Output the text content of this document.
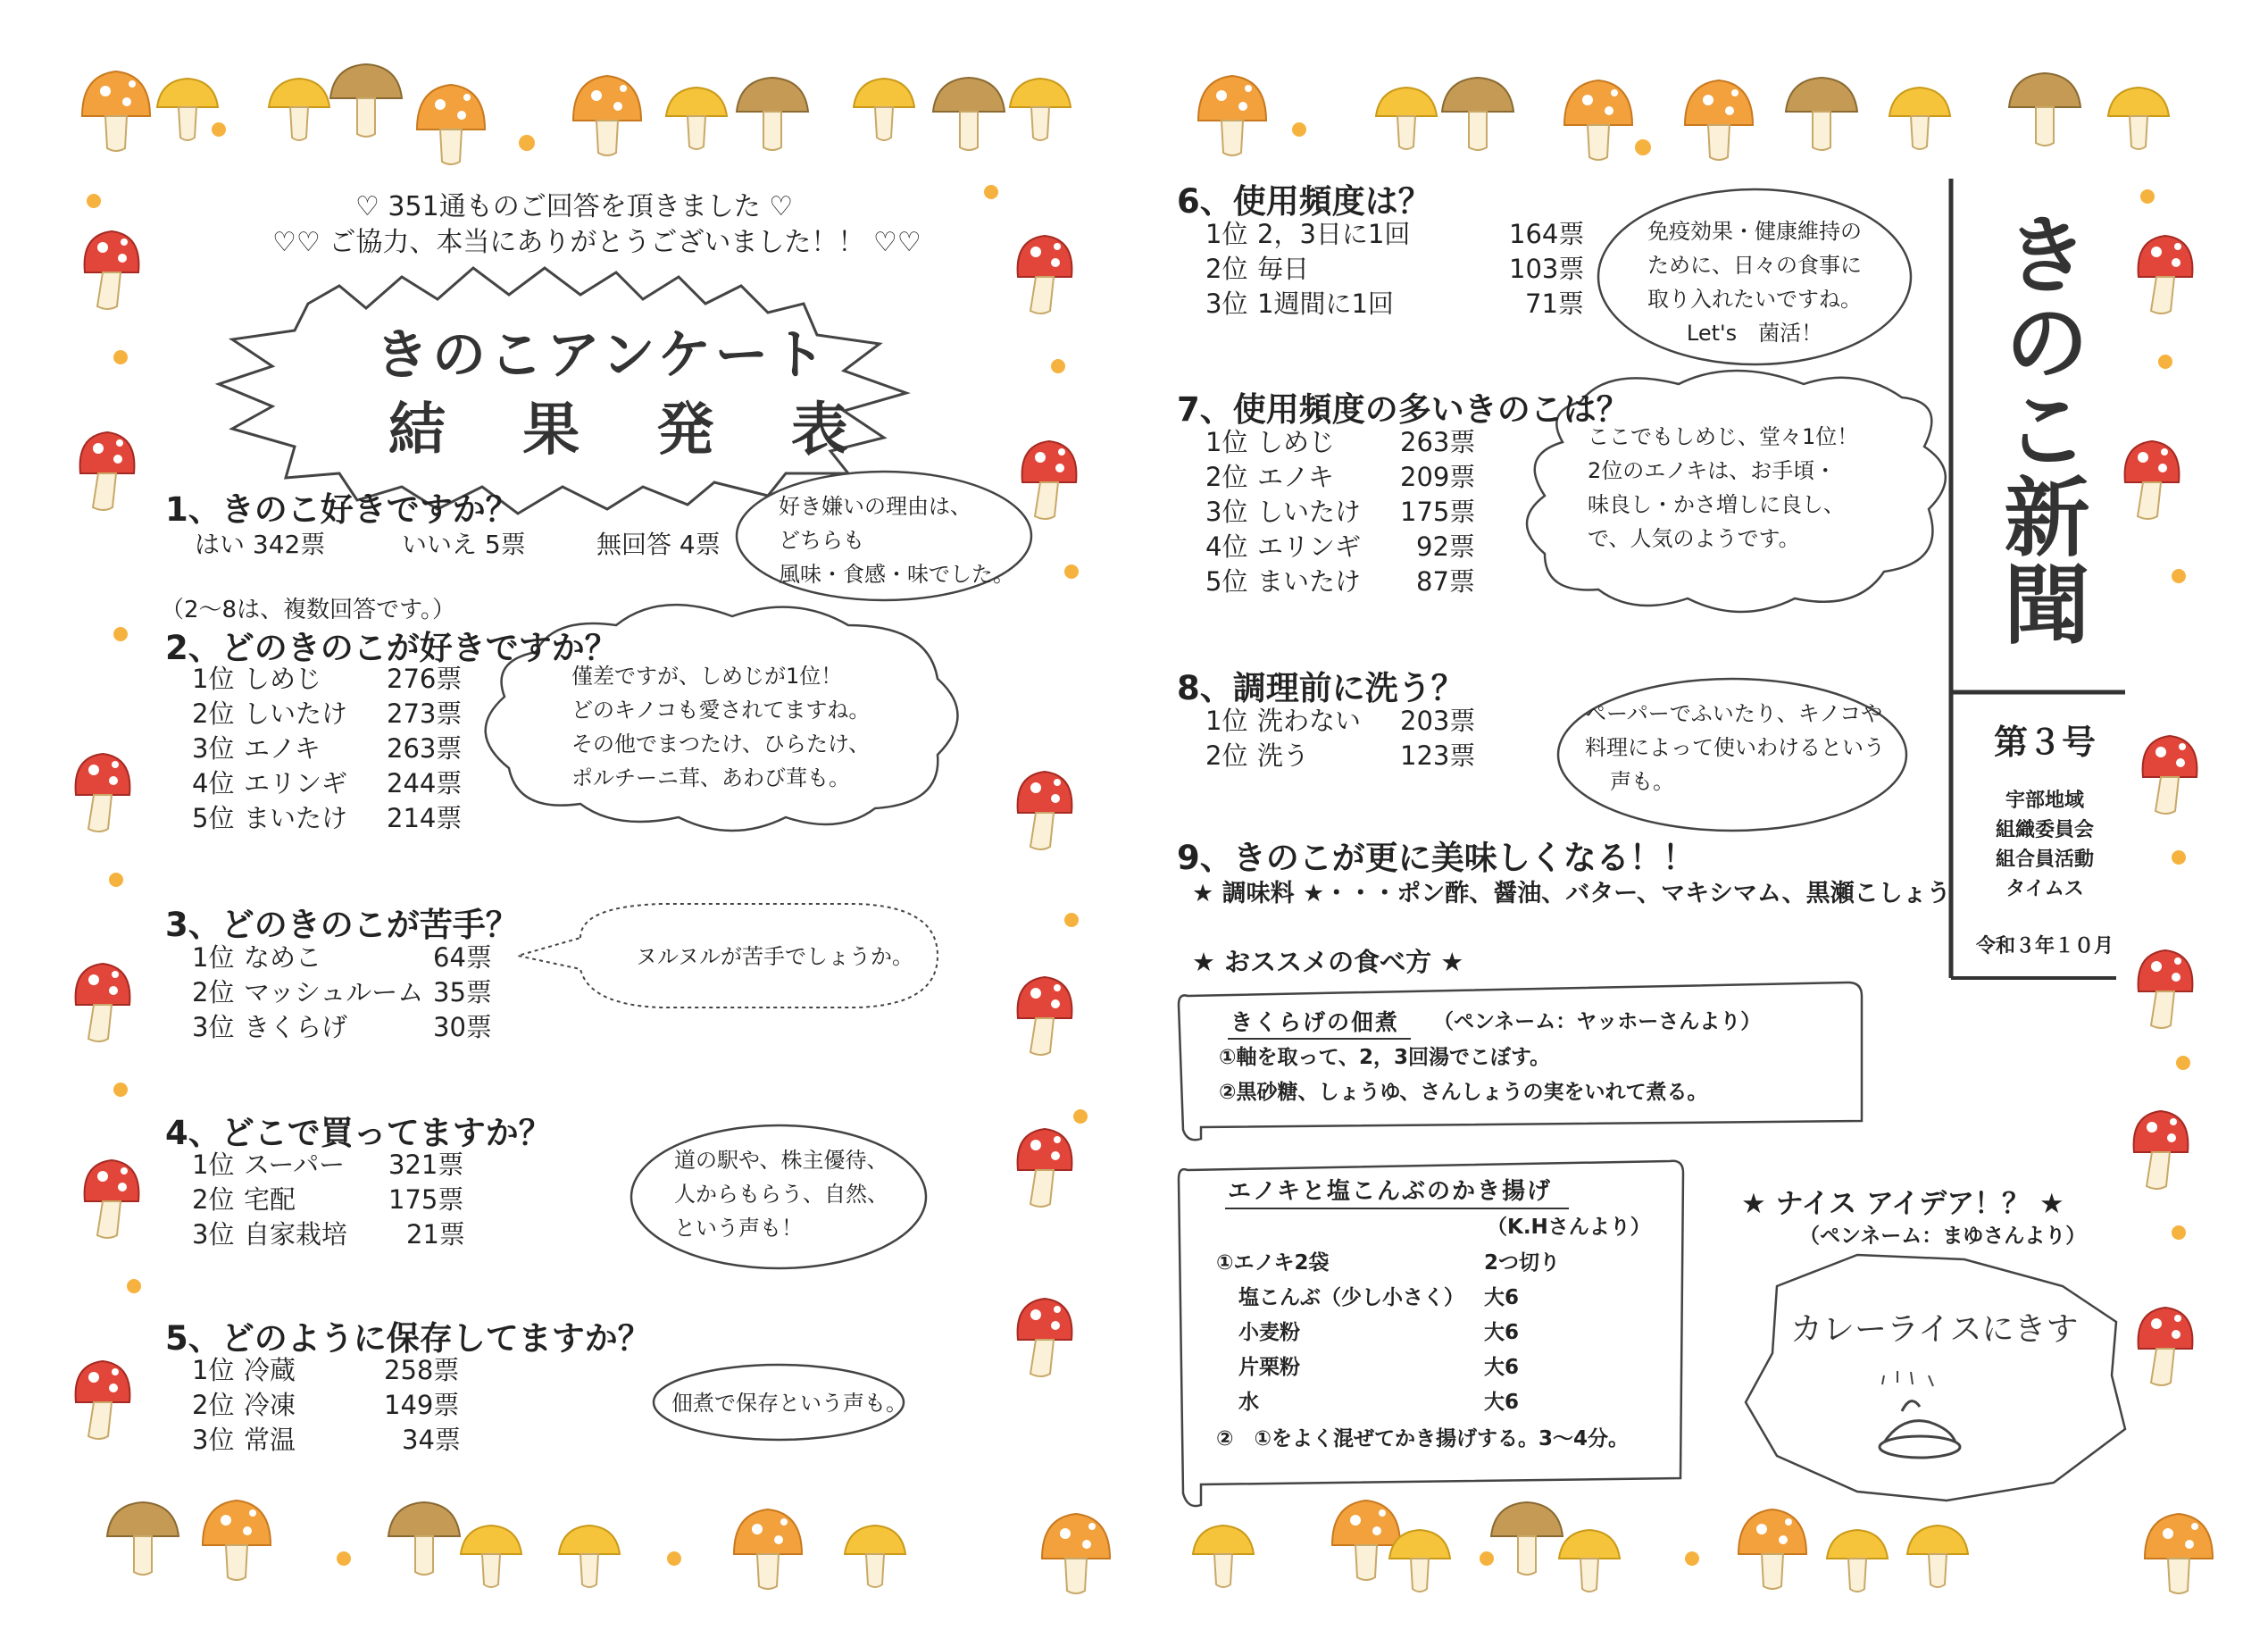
♡ 351通ものご回答を頂きました ♡
♡♡ ご協力、本当にありがとうございました！！ ♡♡
きのこアンケート
結 果 発 表
1、きのこ好きですか？
はい 342票	いいえ 5票	無回答 4票
好き嫌いの理由は、
どちらも
風味・食感・味でした。
（2～8は、複数回答です。）
2、どのきのこが好きですか？
1位 しめじ	276票
2位 しいたけ 273票
3位 エノキ	263票
4位 エリンギ 244票
5位 まいたけ 214票
僅差ですが、しめじが1位！
どのキノコも愛されてますね。
その他でまつたけ、ひらたけ、
ポルチーニ茸、あわび茸も。
3、どのきのこが苦手？
1位 なめこ	64票
2位 マッシュルーム 35票
3位 きくらげ	30票
ヌルヌルが苦手でしょうか。
4、どこで買ってますか？
1位 スーパー 321票
2位 宅配	175票
3位 自家栽培 21票
道の駅や、株主優待、
人からもらう、自然、
という声も！
5、どのように保存してますか？
1位 冷蔵	258票
2位 冷凍	149票
3位 常温	34票
佃煮で保存という声も。
6、使用頻度は？
1位 2，3日に1回	164票
2位 毎日	103票
3位 1週間に1回	71票
免疫効果・健康維持の
ために、日々の食事に
取り入れたいですね。
Let's　菌活！
7、使用頻度の多いきのこは？
1位 しめじ	263票
2位 エノキ	209票
3位 しいたけ 175票
4位 エリンギ 92票
5位 まいたけ 87票
ここでもしめじ、堂々1位！
2位のエノキは、お手頃・
味良し・かさ増しに良し、
で、人気のようです。
8、調理前に洗う？
1位 洗わない 203票
2位 洗う	123票
ペーパーでふいたり、キノコや
料理によって使いわけるという
声も。
9、きのこが更に美味しくなる！！
★ 調味料 ★・・・ポン酢、醤油、バター、マキシマム、黒瀬こしょう
★ おススメの食べ方 ★
きくらげの佃煮 （ペンネーム：ヤッホーさんより）
①軸を取って、2，3回湯でこぼす。
②黒砂糖、しょうゆ、さんしょうの実をいれて煮る。
エノキと塩こんぶのかき揚げ
（K.Hさんより）
①エノキ2袋	2つ切り
塩こんぶ（少し小さく） 大6
小麦粉	大6
片栗粉	大6
水	大6
②　①をよく混ぜてかき揚げする。3～4分。
★ ナイス アイデア！？ ★
（ペンネーム：まゆさんより）
カレーライスにきす
きのこ新聞
第３号
宇部地域
組織委員会
組合員活動
タイムス
令和３年１０月
